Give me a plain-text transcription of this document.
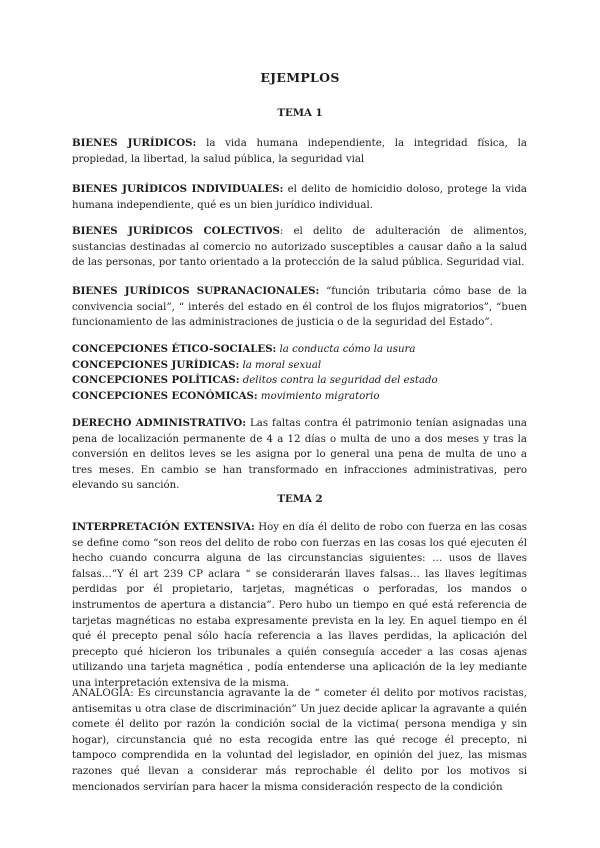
EJEMPLOS
TEMA 1

BIENES JURÍDICOS: la vida humana independiente, la integridad física, la propiedad, la libertad, la salud pública, la seguridad vial

BIENES JURÍDICOS INDIVIDUALES: el delito de homicidio doloso, protege la vida humana independiente, qué es un bien jurídico individual.

BIENES JURÍDICOS COLECTIVOS: el delito de adulteración de alimentos, sustancias destinadas al comercio no autorizado susceptibles a causar daño a la salud de las personas, por tanto orientado a la protección de la salud pública. Seguridad vial.

BIENES JURÍDICOS SUPRANACIONALES: “función tributaria cómo base de la convivencia social”, “ interés del estado en él control de los flujos migratorios”, “buen funcionamiento de las administraciones de justicia o de la seguridad del Estado”.

CONCEPCIONES ÉTICO-SOCIALES: la conducta cómo la usura
CONCEPCIONES JURÍDICAS: la moral sexual
CONCEPCIONES POLÍTICAS: delitos contra la seguridad del estado
CONCEPCIONES ECONÓMICAS: movimiento migratorio

DERECHO ADMINISTRATIVO: Las faltas contra él patrimonio tenían asignadas una pena de localización permanente de 4 a 12 días o multa de uno a dos meses y tras la conversión en delitos leves se les asigna por lo general una pena de multa de uno a tres meses. En cambio se han transformado en infracciones administrativas, pero elevando su sanción.

TEMA 2

INTERPRETACIÓN EXTENSIVA: Hoy en día él delito de robo con fuerza en las cosas se define como “son reos del delito de robo con fuerzas en las cosas los qué ejecuten él hecho cuando concurra alguna de las circunstancias siguientes: … usos de llaves falsas…”Y él art 239 CP aclara “ se considerarán llaves falsas… las llaves legítimas perdidas por él propietario, tarjetas, magnéticas o perforadas, los mandos o instrumentos de apertura a distancia”. Pero hubo un tiempo en qué está referencia de tarjetas magnéticas no estaba expresamente prevista en la ley. En aquel tiempo en él qué él precepto penal sólo hacía referencia a las llaves perdidas, la aplicación del precepto qué hicieron los tribunales a quién conseguía acceder a las cosas ajenas utilizando una tarjeta magnética , podía entenderse una aplicación de la ley mediante una interpretación extensiva de la misma.

ANALOGÍA: Es circunstancia agravante la de “ cometer él delito por motivos racistas, antisemitas u otra clase de discriminación” Un juez decide aplicar la agravante a quién comete él delito por razón la condición social de la victima( persona mendiga y sin hogar), circunstancia qué no esta recogida entre las qué recoge él precepto, ni tampoco comprendida en la voluntad del legislador, en opinión del juez, las mismas razones qué llevan a considerar más reprochable él delito por los motivos si mencionados servirían para hacer la misma consideración respecto de la condición
